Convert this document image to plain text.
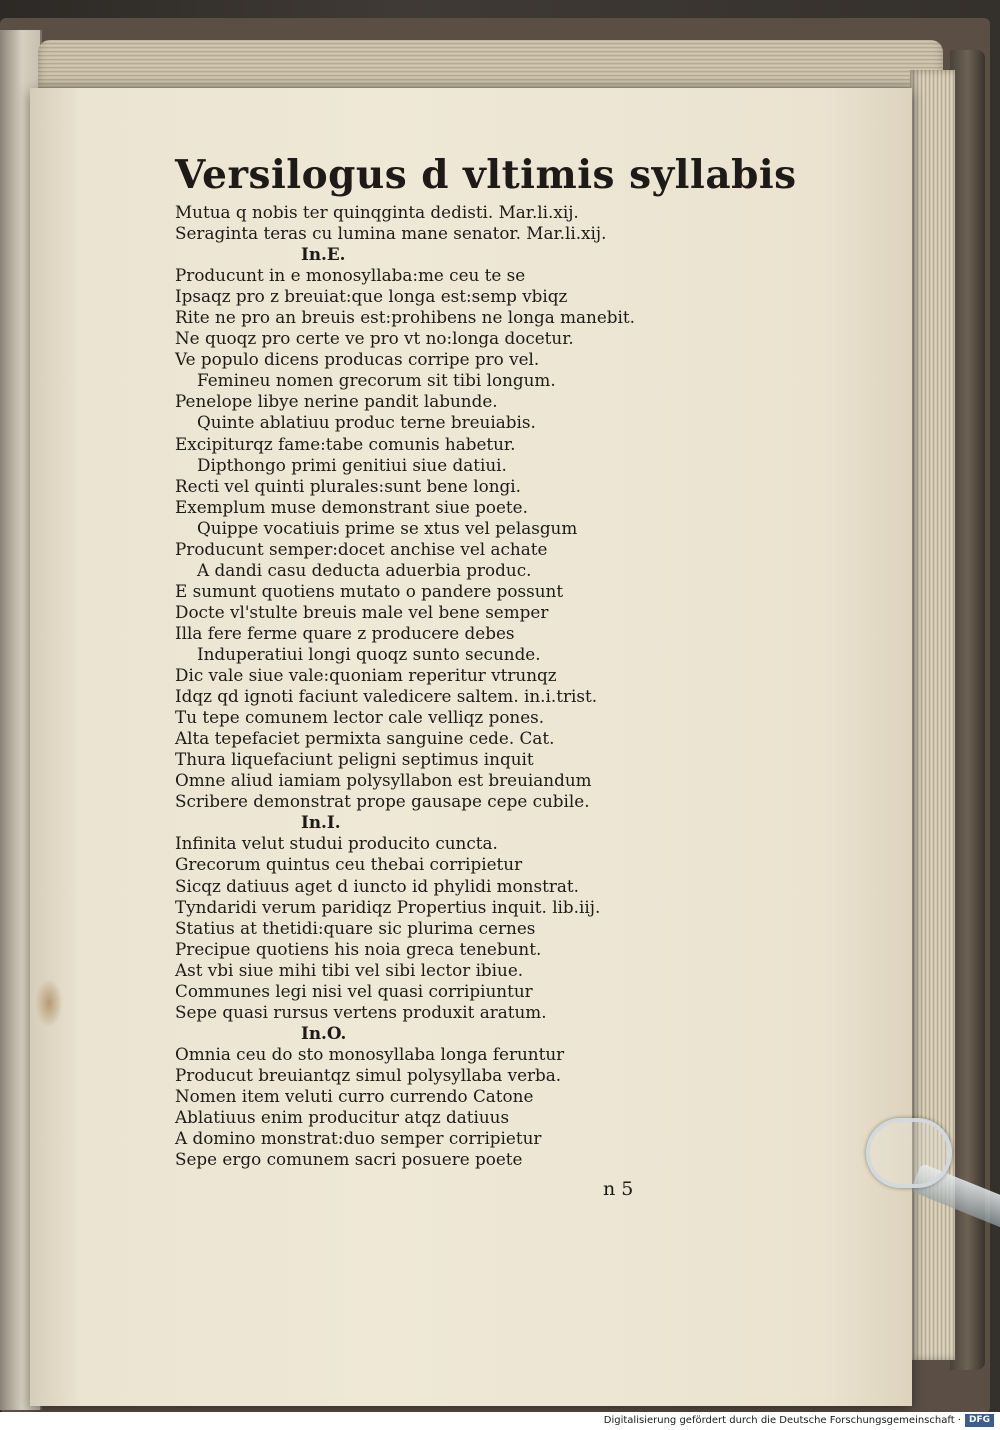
Versilogus d vltimis syllabis
Mutua q nobis ter quinqginta dedisti. Mar.li.xij.
Seraginta teras cu lumina mane senator. Mar.li.xij.
In.E.
Producunt in e monosyllaba:me ceu te se
Ipsaqz pro z breuiat:que longa est:semp vbiqz
Rite ne pro an breuis est:prohibens ne longa manebit.
Ne quoqz pro certe ve pro vt no:longa docetur.
Ve populo dicens producas corripe pro vel.
Femineu nomen grecorum sit tibi longum.
Penelope libye nerine pandit labunde.
Quinte ablatiuu produc terne breuiabis.
Excipiturqz fame:tabe comunis habetur.
Dipthongo primi genitiui siue datiui.
Recti vel quinti plurales:sunt bene longi.
Exemplum muse demonstrant siue poete.
Quippe vocatiuis prime se xtus vel pelasgum
Producunt semper:docet anchise vel achate
A dandi casu deducta aduerbia produc.
E sumunt quotiens mutato o pandere possunt
Docte vl'stulte breuis male vel bene semper
Illa fere ferme quare z producere debes
Induperatiui longi quoqz sunto secunde.
Dic vale siue vale:quoniam reperitur vtrunqz
Idqz qd ignoti faciunt valedicere saltem. in.i.trist.
Tu tepe comunem lector cale velliqz pones.
Alta tepefaciet permixta sanguine cede. Cat.
Thura liquefaciunt peligni septimus inquit
Omne aliud iamiam polysyllabon est breuiandum
Scribere demonstrat prope gausape cepe cubile.
In.I.
Infinita velut studui producito cuncta.
Grecorum quintus ceu thebai corripietur
Sicqz datiuus aget d iuncto id phylidi monstrat.
Tyndaridi verum paridiqz Propertius inquit. lib.iij.
Statius at thetidi:quare sic plurima cernes
Precipue quotiens his noia greca tenebunt.
Ast vbi siue mihi tibi vel sibi lector ibiue.
Communes legi nisi vel quasi corripiuntur
Sepe quasi rursus vertens produxit aratum.
In.O.
Omnia ceu do sto monosyllaba longa feruntur
Producut breuiantqz simul polysyllaba verba.
Nomen item veluti curro currendo Catone
Ablatiuus enim producitur atqz datiuus
A domino monstrat:duo semper corripietur
Sepe ergo comunem sacri posuere poete
n 5
Digitalisierung gefördert durch die Deutsche Forschungsgemeinschaft · DFG
